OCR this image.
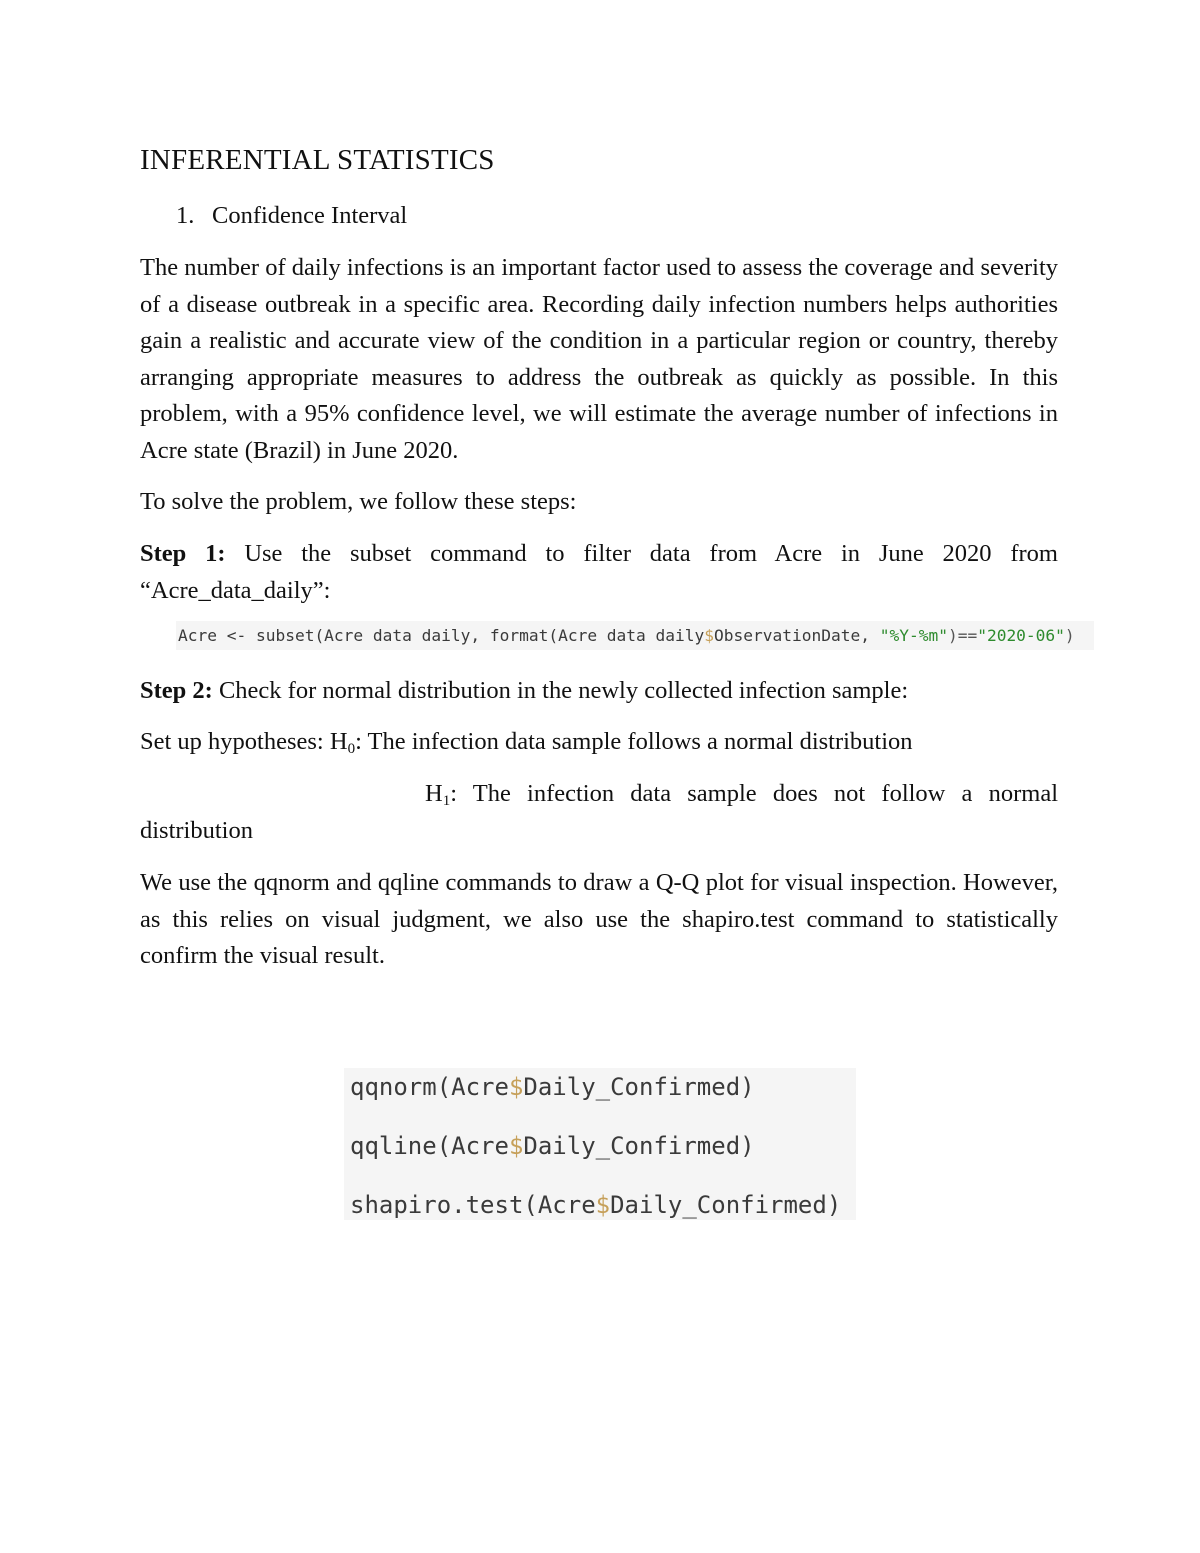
INFERENTIAL STATISTICS
1. Confidence Interval

The number of daily infections is an important factor used to assess the coverage and severity of a disease outbreak in a specific area. Recording daily infection numbers helps authorities gain a realistic and accurate view of the condition in a particular region or country, thereby arranging appropriate measures to address the outbreak as quickly as possible. In this problem, with a 95% confidence level, we will estimate the average number of infections in Acre state (Brazil) in June 2020.

To solve the problem, we follow these steps:

Step 1: Use the subset command to filter data from Acre in June 2020 from “Acre_data_daily”:

Acre <- subset(Acre data daily, format(Acre data daily$ObservationDate, "%Y-%m")=="2020-06")

Step 2: Check for normal distribution in the newly collected infection sample:

Set up hypotheses: $H_0$: The infection data sample follows a normal distribution

$H_1$: The infection data sample does not follow a normal
distribution

We use the qqnorm and qqline commands to draw a Q-Q plot for visual inspection. However, as this relies on visual judgment, we also use the shapiro.test command to statistically confirm the visual result.

qqnorm(Acre$Daily_Confirmed)
qqline(Acre$Daily_Confirmed)
shapiro.test(Acre$Daily_Confirmed)
